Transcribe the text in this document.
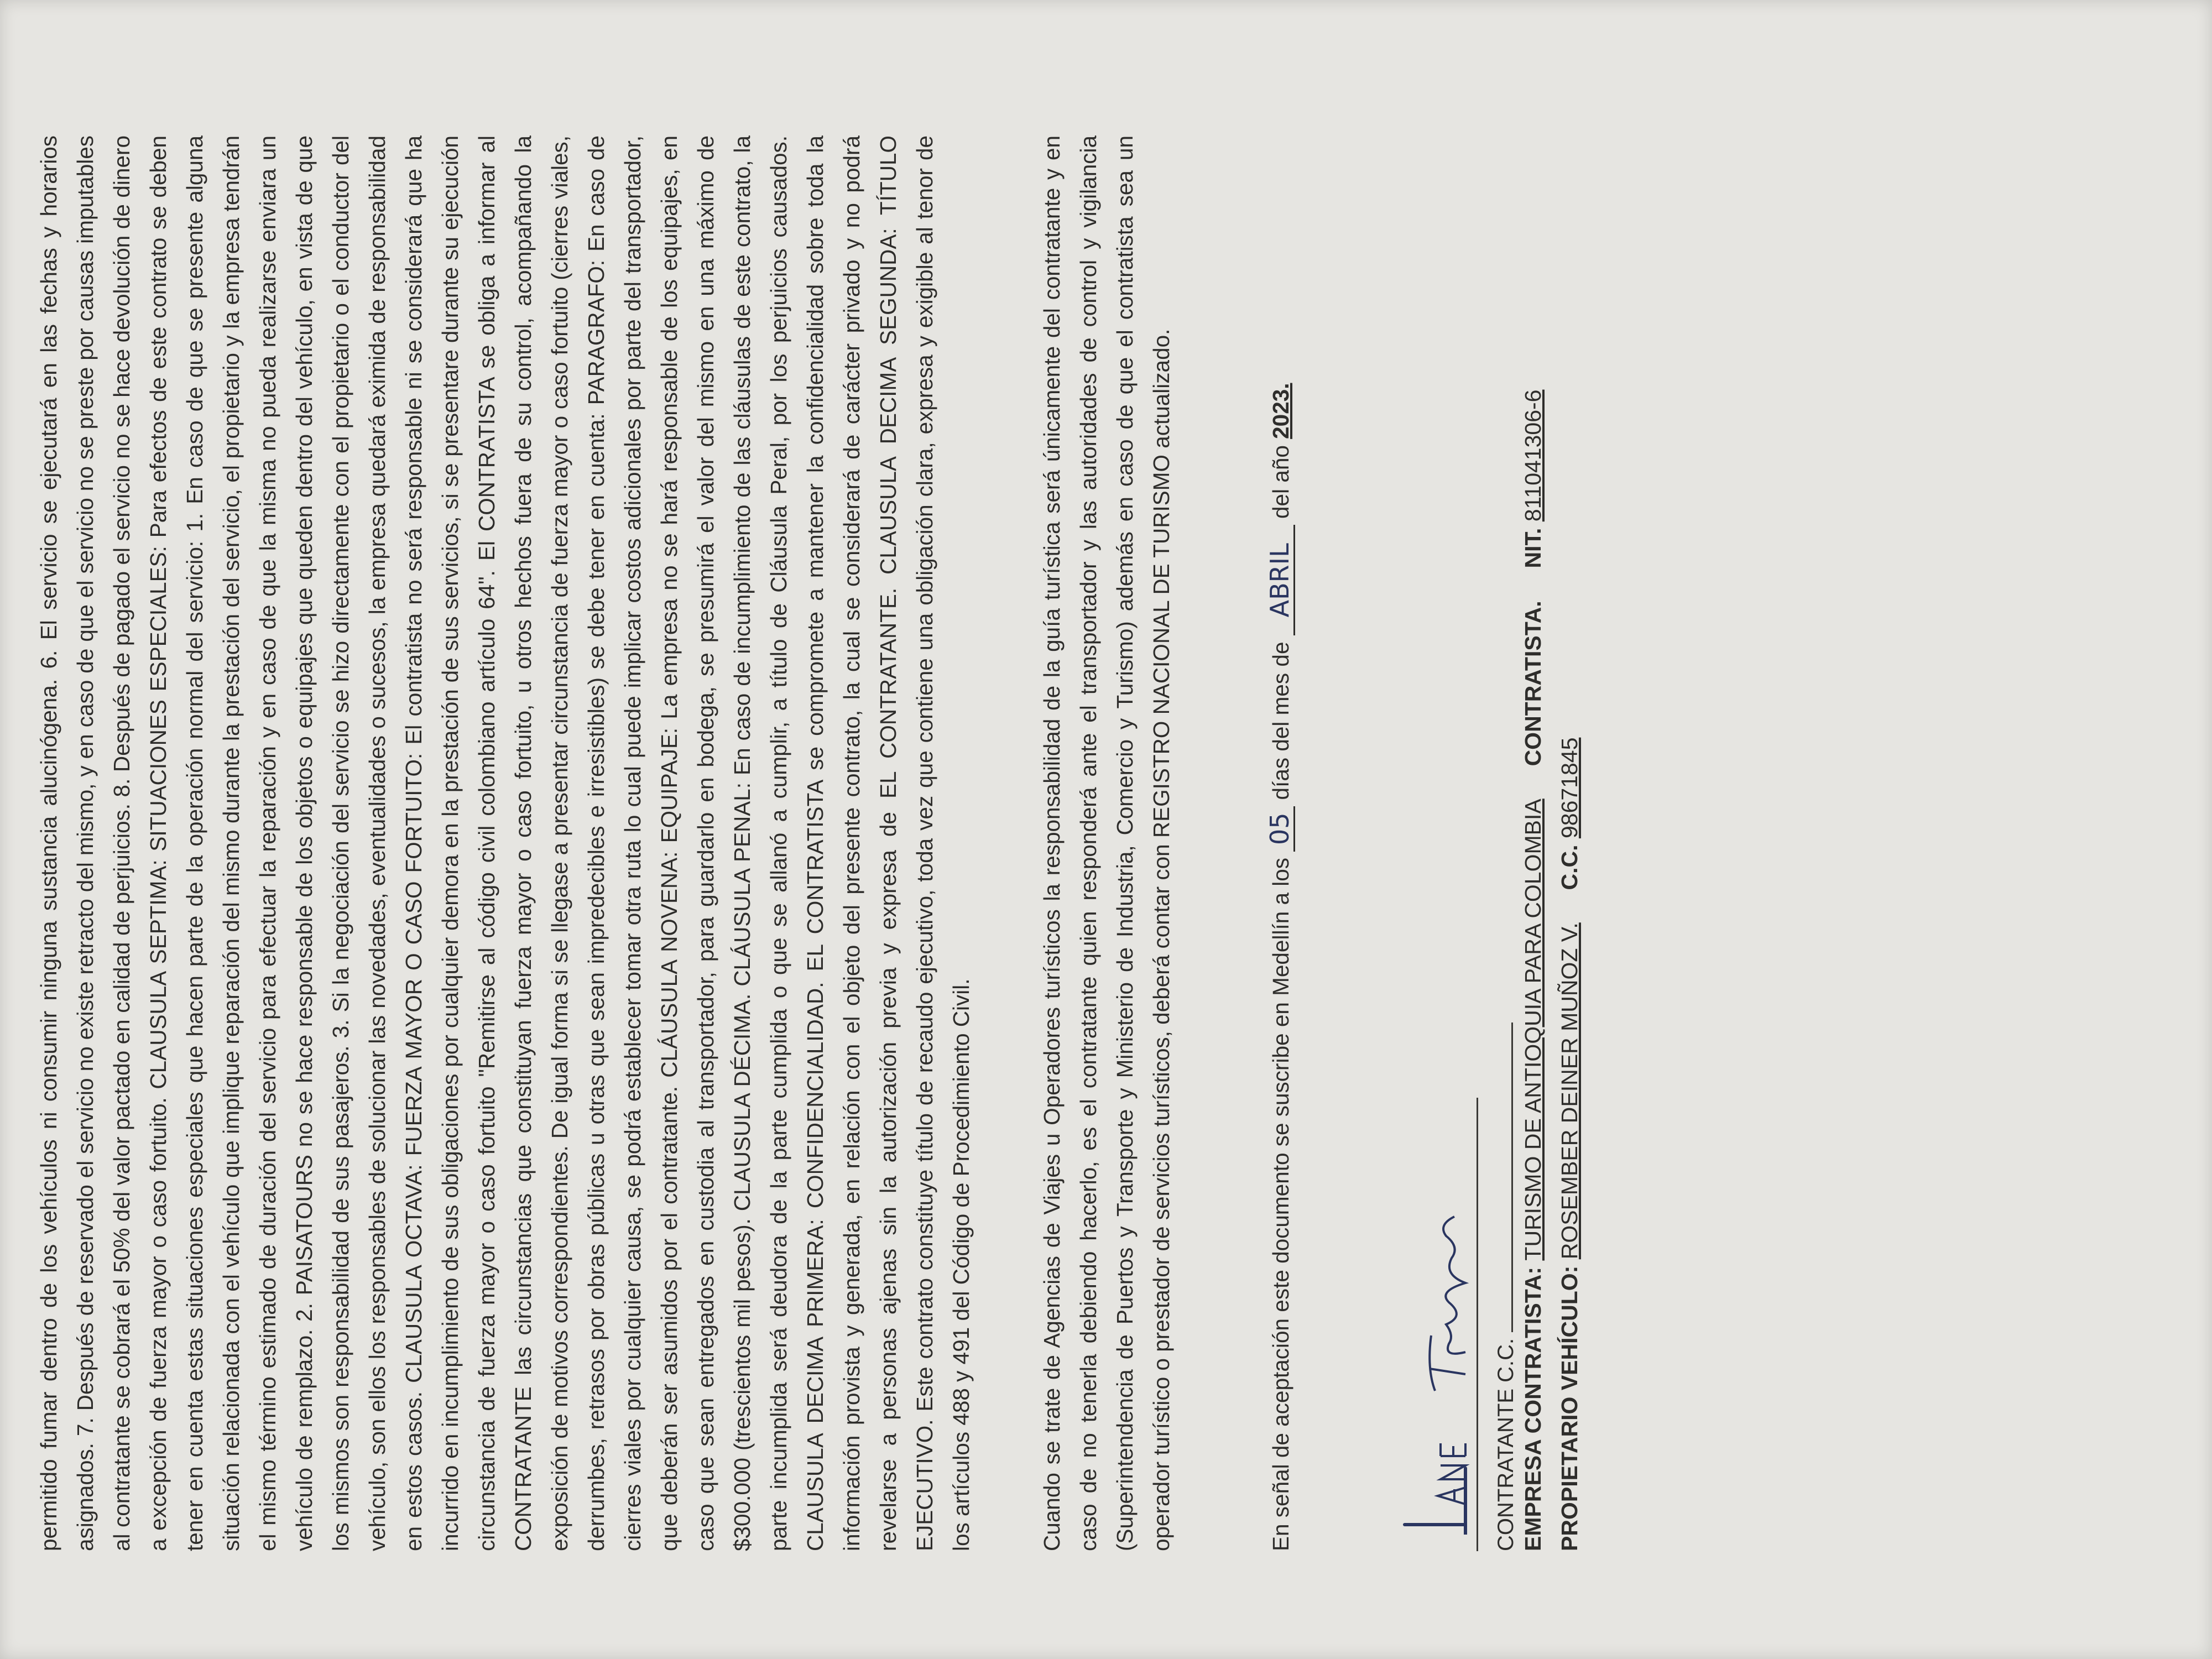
permitido fumar dentro de los vehículos ni consumir ninguna sustancia alucinógena. 6. El servicio se ejecutará en las fechas y horarios asignados. 7. Después de reservado el servicio no existe retracto del mismo, y en caso de que el servicio no se preste por causas imputables al contratante se cobrará el 50% del valor pactado en calidad de perjuicios. 8. Después de pagado el servicio no se hace devolución de dinero a excepción de fuerza mayor o caso fortuito. CLAUSULA SEPTIMA: SITUACIONES ESPECIALES: Para efectos de este contrato se deben tener en cuenta estas situaciones especiales que hacen parte de la operación normal del servicio: 1. En caso de que se presente alguna situación relacionada con el vehículo que implique reparación del mismo durante la prestación del servicio, el propietario y la empresa tendrán el mismo término estimado de duración del servicio para efectuar la reparación y en caso de que la misma no pueda realizarse enviara un vehículo de remplazo. 2. PAISATOURS no se hace responsable de los objetos o equipajes que queden dentro del vehículo, en vista de que los mismos son responsabilidad de sus pasajeros. 3. Si la negociación del servicio se hizo directamente con el propietario o el conductor del vehículo, son ellos los responsables de solucionar las novedades, eventualidades o sucesos, la empresa quedará eximida de responsabilidad en estos casos. CLAUSULA OCTAVA: FUERZA MAYOR O CASO FORTUITO: El contratista no será responsable ni se considerará que ha incurrido en incumplimiento de sus obligaciones por cualquier demora en la prestación de sus servicios, si se presentare durante su ejecución circunstancia de fuerza mayor o caso fortuito "Remitirse al código civil colombiano artículo 64". El CONTRATISTA se obliga a informar al CONTRATANTE las circunstancias que constituyan fuerza mayor o caso fortuito, u otros hechos fuera de su control, acompañando la exposición de motivos correspondientes. De igual forma si se llegase a presentar circunstancia de fuerza mayor o caso fortuito (cierres viales, derrumbes, retrasos por obras públicas u otras que sean impredecibles e irresistibles) se debe tener en cuenta: PARAGRAFO: En caso de cierres viales por cualquier causa, se podrá establecer tomar otra ruta lo cual puede implicar costos adicionales por parte del transportador, que deberán ser asumidos por el contratante. CLÁUSULA NOVENA: EQUIPAJE: La empresa no se hará responsable de los equipajes, en caso que sean entregados en custodia al transportador, para guardarlo en bodega, se presumirá el valor del mismo en una máximo de $300.000 (trescientos mil pesos). CLAUSULA DÉCIMA. CLÁUSULA PENAL: En caso de incumplimiento de las cláusulas de este contrato, la parte incumplida será deudora de la parte cumplida o que se allanó a cumplir, a título de Cláusula Peral, por los perjuicios causados. CLAUSULA DECIMA PRIMERA: CONFIDENCIALIDAD. EL CONTRATISTA se compromete a mantener la confidencialidad sobre toda la información provista y generada, en relación con el objeto del presente contrato, la cual se considerará de carácter privado y no podrá revelarse a personas ajenas sin la autorización previa y expresa de EL CONTRATANTE. CLAUSULA DECIMA SEGUNDA: TÍTULO EJECUTIVO. Este contrato constituye título de recaudo ejecutivo, toda vez que contiene una obligación clara, expresa y exigible al tenor de los artículos 488 y 491 del Código de Procedimiento Civil.	Cuando se trate de Agencias de Viajes u Operadores turísticos la responsabilidad de la guía turística será únicamente del contratante y en caso de no tenerla debiendo hacerlo, es el contratante quien responderá ante el transportador y las autoridades de control y vigilancia (Superintendencia de Puertos y Transporte y Ministerio de Industria, Comercio y Turismo) además en caso de que el contratista sea un operador turístico o prestador de servicios turísticos, deberá contar con REGISTRO NACIONAL DE TURISMO actualizado.	En señal de aceptación este documento se suscribe en Medellín a los 05 días del mes de ABRIL del año 2023.
EMPRESA CONTRATISTA: TURISMO DE ANTIOQUIA PARA COLOMBIA  CONTRATISTA.  NIT. 811041306-6
PROPIETARIO VEHÍCULO: ROSEMBER DEINER MUÑOZ V.  C.C. 98671845
CONTRATANTE C.C.
